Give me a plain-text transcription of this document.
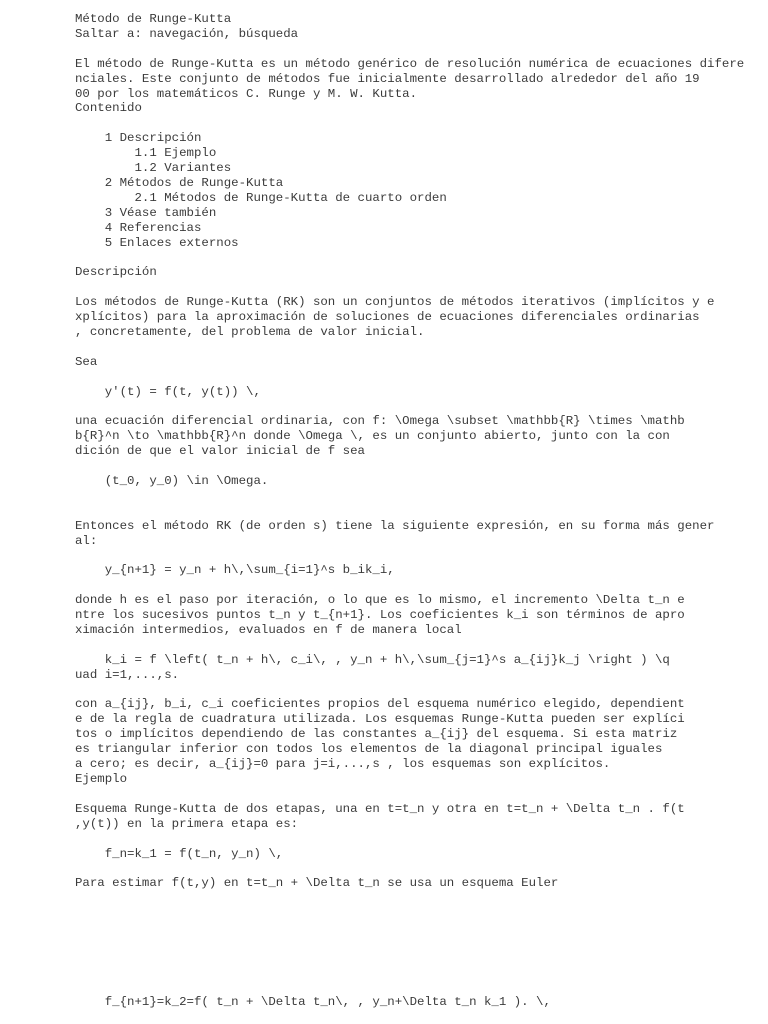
Método de Runge-Kutta
Saltar a: navegación, búsqueda
El método de Runge-Kutta es un método genérico de resolución numérica de ecuaciones difere
nciales. Este conjunto de métodos fue inicialmente desarrollado alrededor del año 19
00 por los matemáticos C. Runge y M. W. Kutta.
Contenido
1 Descripción
1.1 Ejemplo
1.2 Variantes
2 Métodos de Runge-Kutta
2.1 Métodos de Runge-Kutta de cuarto orden
3 Véase también
4 Referencias
5 Enlaces externos
Descripción
Los métodos de Runge-Kutta (RK) son un conjuntos de métodos iterativos (implícitos y e
xplícitos) para la aproximación de soluciones de ecuaciones diferenciales ordinarias
, concretamente, del problema de valor inicial.
Sea
y'(t) = f(t, y(t)) \,
una ecuación diferencial ordinaria, con f: \Omega \subset \mathbb{R} \times \mathb
b{R}^n \to \mathbb{R}^n donde \Omega \, es un conjunto abierto, junto con la con
dición de que el valor inicial de f sea
(t_0, y_0) \in \Omega.
Entonces el método RK (de orden s) tiene la siguiente expresión, en su forma más gener
al:
y_{n+1} = y_n + h\,\sum_{i=1}^s b_ik_i,
donde h es el paso por iteración, o lo que es lo mismo, el incremento \Delta t_n e
ntre los sucesivos puntos t_n y t_{n+1}. Los coeficientes k_i son términos de apro
ximación intermedios, evaluados en f de manera local
k_i = f \left( t_n + h\, c_i\, , y_n + h\,\sum_{j=1}^s a_{ij}k_j \right ) \q
uad i=1,...,s.
con a_{ij}, b_i, c_i coeficientes propios del esquema numérico elegido, dependient
e de la regla de cuadratura utilizada. Los esquemas Runge-Kutta pueden ser explíci
tos o implícitos dependiendo de las constantes a_{ij} del esquema. Si esta matriz
es triangular inferior con todos los elementos de la diagonal principal iguales
a cero; es decir, a_{ij}=0 para j=i,...,s , los esquemas son explícitos.
Ejemplo
Esquema Runge-Kutta de dos etapas, una en t=t_n y otra en t=t_n + \Delta t_n . f(t
,y(t)) en la primera etapa es:
f_n=k_1 = f(t_n, y_n) \,
Para estimar f(t,y) en t=t_n + \Delta t_n se usa un esquema Euler
f_{n+1}=k_2=f( t_n + \Delta t_n\, , y_n+\Delta t_n k_1 ). \,
